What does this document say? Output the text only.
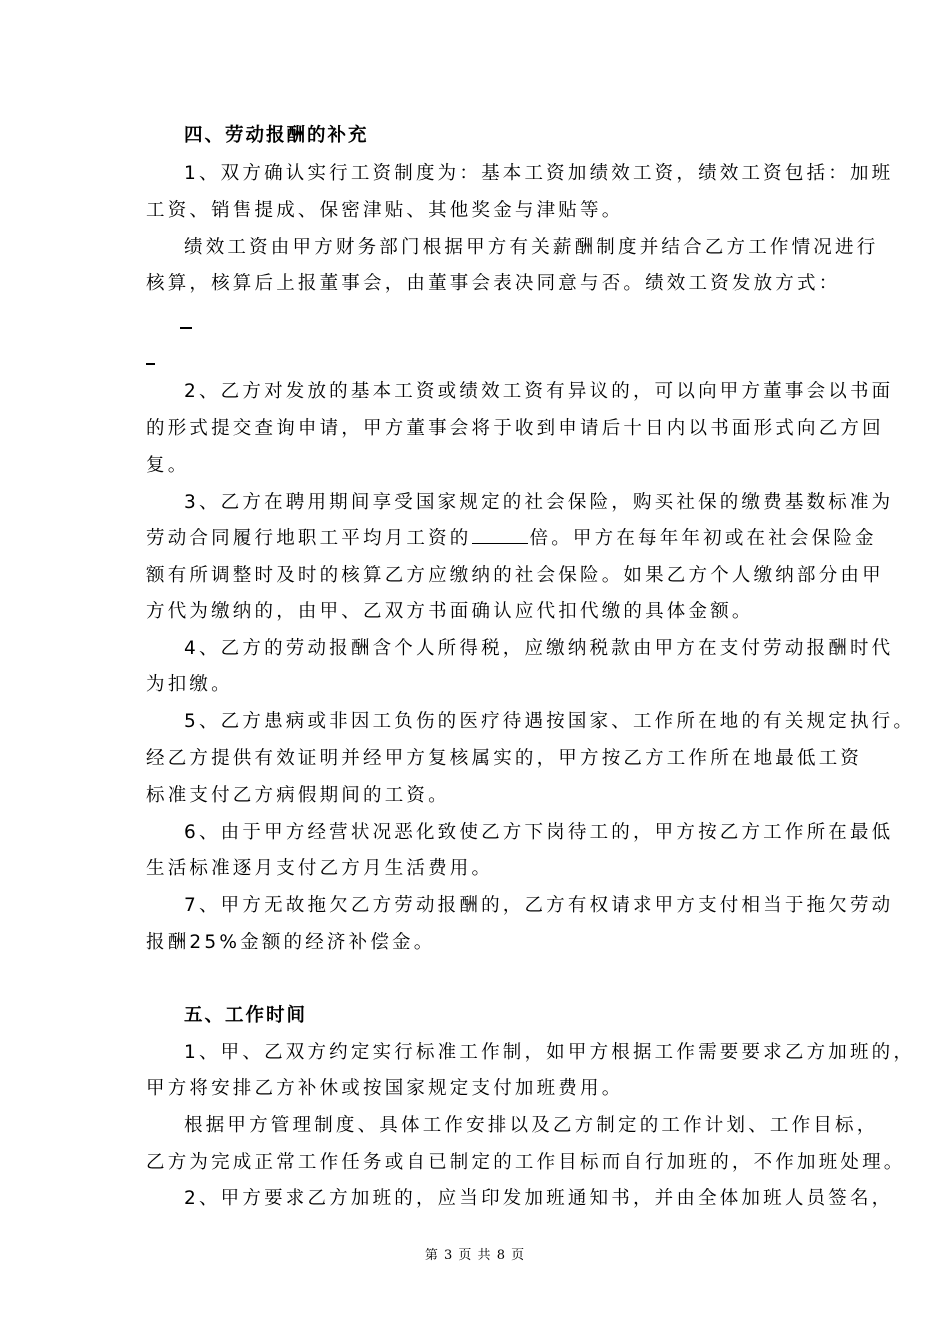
四、劳动报酬的补充
1、双方确认实行工资制度为：基本工资加绩效工资，绩效工资包括：加班
工资、销售提成、保密津贴、其他奖金与津贴等。
绩效工资由甲方财务部门根据甲方有关薪酬制度并结合乙方工作情况进行
核算，核算后上报董事会，由董事会表决同意与否。绩效工资发放方式：
2、乙方对发放的基本工资或绩效工资有异议的，可以向甲方董事会以书面
的形式提交查询申请，甲方董事会将于收到申请后十日内以书面形式向乙方回
复。
3、乙方在聘用期间享受国家规定的社会保险，购买社保的缴费基数标准为
劳动合同履行地职工平均月工资的	倍。甲方在每年年初或在社会保险金
额有所调整时及时的核算乙方应缴纳的社会保险。如果乙方个人缴纳部分由甲
方代为缴纳的，由甲、乙双方书面确认应代扣代缴的具体金额。
4、乙方的劳动报酬含个人所得税，应缴纳税款由甲方在支付劳动报酬时代
为扣缴。
5、乙方患病或非因工负伤的医疗待遇按国家、工作所在地的有关规定执行。
经乙方提供有效证明并经甲方复核属实的，甲方按乙方工作所在地最低工资
标准支付乙方病假期间的工资。
6、由于甲方经营状况恶化致使乙方下岗待工的，甲方按乙方工作所在最低
生活标准逐月支付乙方月生活费用。
7、甲方无故拖欠乙方劳动报酬的，乙方有权请求甲方支付相当于拖欠劳动
报酬25%金额的经济补偿金。
五、工作时间
1、甲、乙双方约定实行标准工作制，如甲方根据工作需要要求乙方加班的，
甲方将安排乙方补休或按国家规定支付加班费用。
根据甲方管理制度、具体工作安排以及乙方制定的工作计划、工作目标，
乙方为完成正常工作任务或自已制定的工作目标而自行加班的，不作加班处理。
2、甲方要求乙方加班的，应当印发加班通知书，并由全体加班人员签名，
第 3 页 共 8 页
